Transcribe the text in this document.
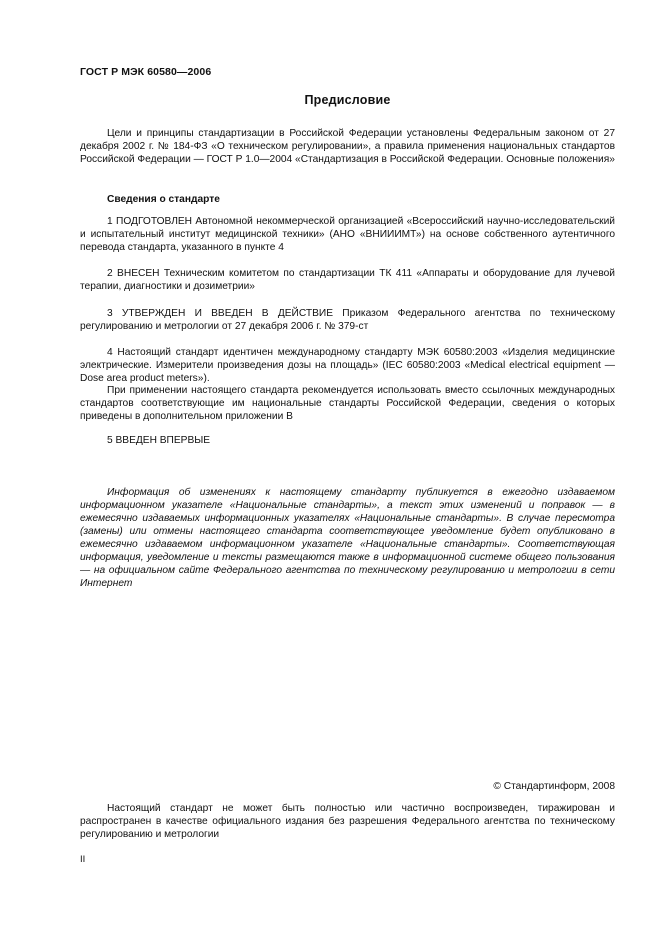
ГОСТ Р МЭК 60580—2006
Предисловие

Цели и принципы стандартизации в Российской Федерации установлены Федеральным законом от 27 декабря 2002 г. № 184-ФЗ «О техническом регулировании», а правила применения национальных стандартов Российской Федерации — ГОСТ Р 1.0—2004 «Стандартизация в Российской Федерации. Основные положения»

Сведения о стандарте

1 ПОДГОТОВЛЕН Автономной некоммерческой организацией «Всероссийский научно-исследовательский и испытательный институт медицинской техники» (АНО «ВНИИИМТ») на основе собственного аутентичного перевода стандарта, указанного в пункте 4

2 ВНЕСЕН Техническим комитетом по стандартизации ТК 411 «Аппараты и оборудование для лучевой терапии, диагностики и дозиметрии»

3 УТВЕРЖДЕН И ВВЕДЕН В ДЕЙСТВИЕ Приказом Федерального агентства по техническому регулированию и метрологии от 27 декабря 2006 г. № 379-ст

4 Настоящий стандарт идентичен международному стандарту МЭК 60580:2003 «Изделия медицинские электрические. Измерители произведения дозы на площадь» (IEC 60580:2003 «Medical electrical equipment — Dose area product meters»).

При применении настоящего стандарта рекомендуется использовать вместо ссылочных международных стандартов соответствующие им национальные стандарты Российской Федерации, сведения о которых приведены в дополнительном приложении В

5 ВВЕДЕН ВПЕРВЫЕ

Информация об изменениях к настоящему стандарту публикуется в ежегодно издаваемом информационном указателе «Национальные стандарты», а текст этих изменений и поправок — в ежемесячно издаваемых информационных указателях «Национальные стандарты». В случае пересмотра (замены) или отмены настоящего стандарта соответствующее уведомление будет опубликовано в ежемесячно издаваемом информационном указателе «Национальные стандарты». Соответствующая информация, уведомление и тексты размещаются также в информационной системе общего пользования — на официальном сайте Федерального агентства по техническому регулированию и метрологии в сети Интернет

© Стандартинформ, 2008

Настоящий стандарт не может быть полностью или частично воспроизведен, тиражирован и распространен в качестве официального издания без разрешения Федерального агентства по техническому регулированию и метрологии

II
